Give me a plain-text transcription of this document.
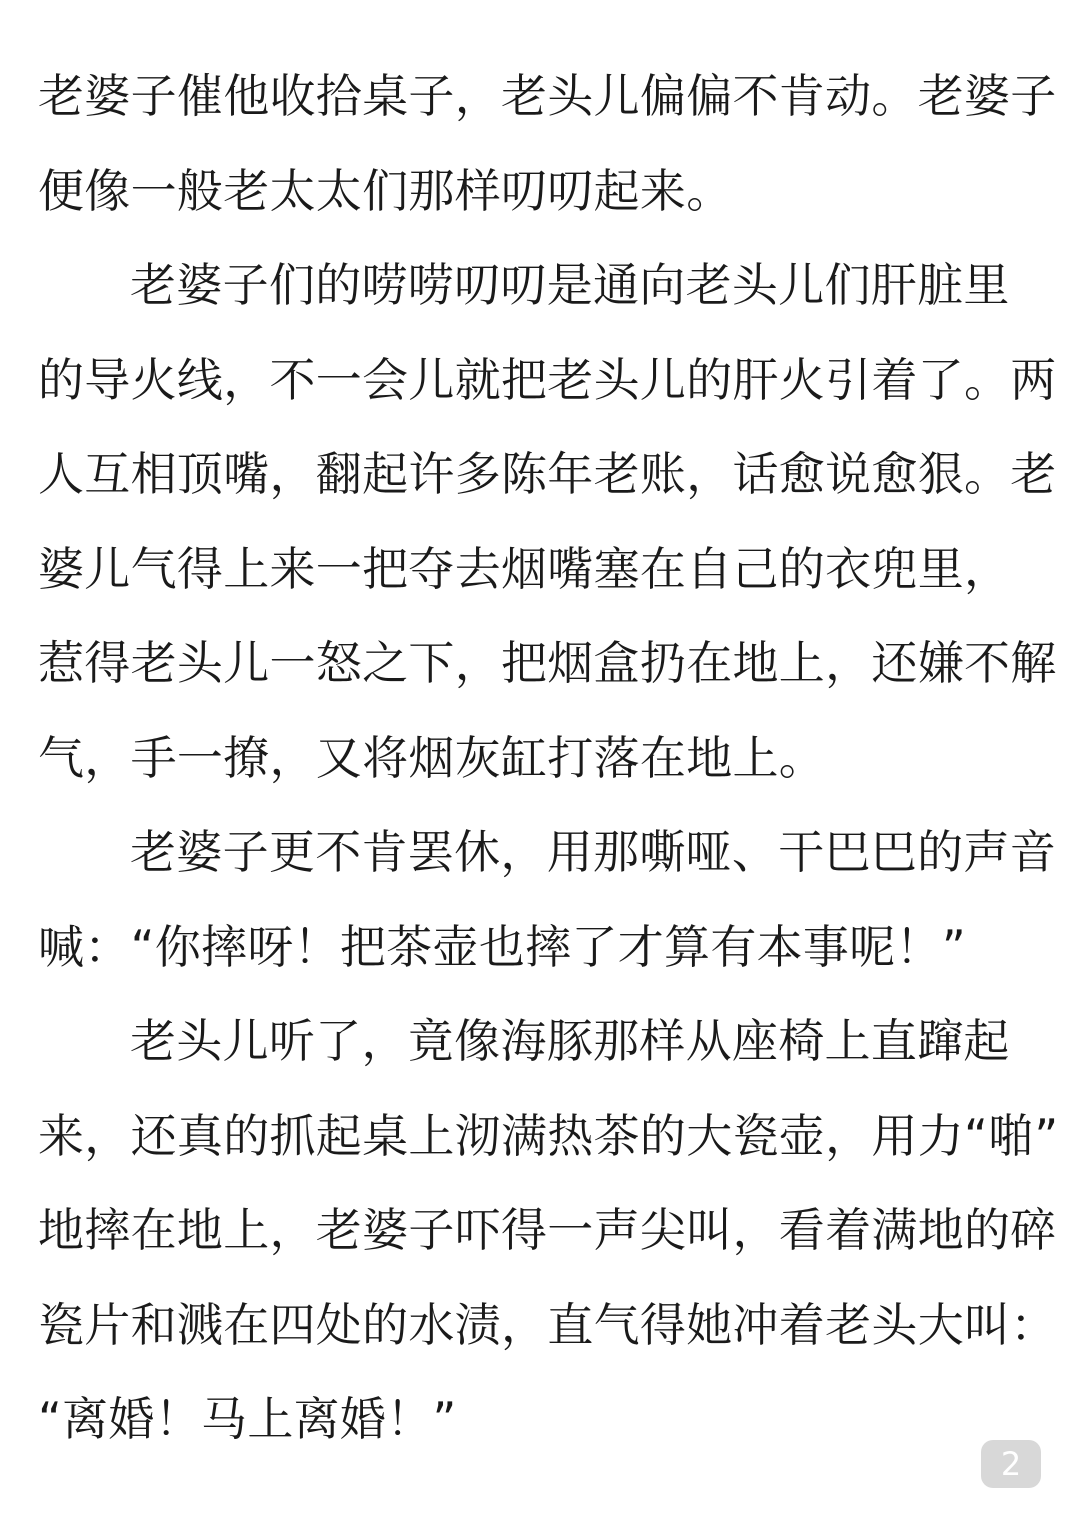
老婆子催他收拾桌子，老头儿偏偏不肯动。老婆子
便像一般老太太们那样叨叨起来。
老婆子们的唠唠叨叨是通向老头儿们肝脏里
的导火线，不一会儿就把老头儿的肝火引着了。两
人互相顶嘴，翻起许多陈年老账，话愈说愈狠。老
婆儿气得上来一把夺去烟嘴塞在自己的衣兜里，
惹得老头儿一怒之下，把烟盒扔在地上，还嫌不解
气，手一撩，又将烟灰缸打落在地上。
老婆子更不肯罢休，用那嘶哑、干巴巴的声音
喊：“你摔呀！把茶壶也摔了才算有本事呢！”
老头儿听了，竟像海豚那样从座椅上直蹿起
来，还真的抓起桌上沏满热茶的大瓷壶，用力“啪”
地摔在地上，老婆子吓得一声尖叫，看着满地的碎
瓷片和溅在四处的水渍，直气得她冲着老头大叫：
“离婚！马上离婚！”
2
